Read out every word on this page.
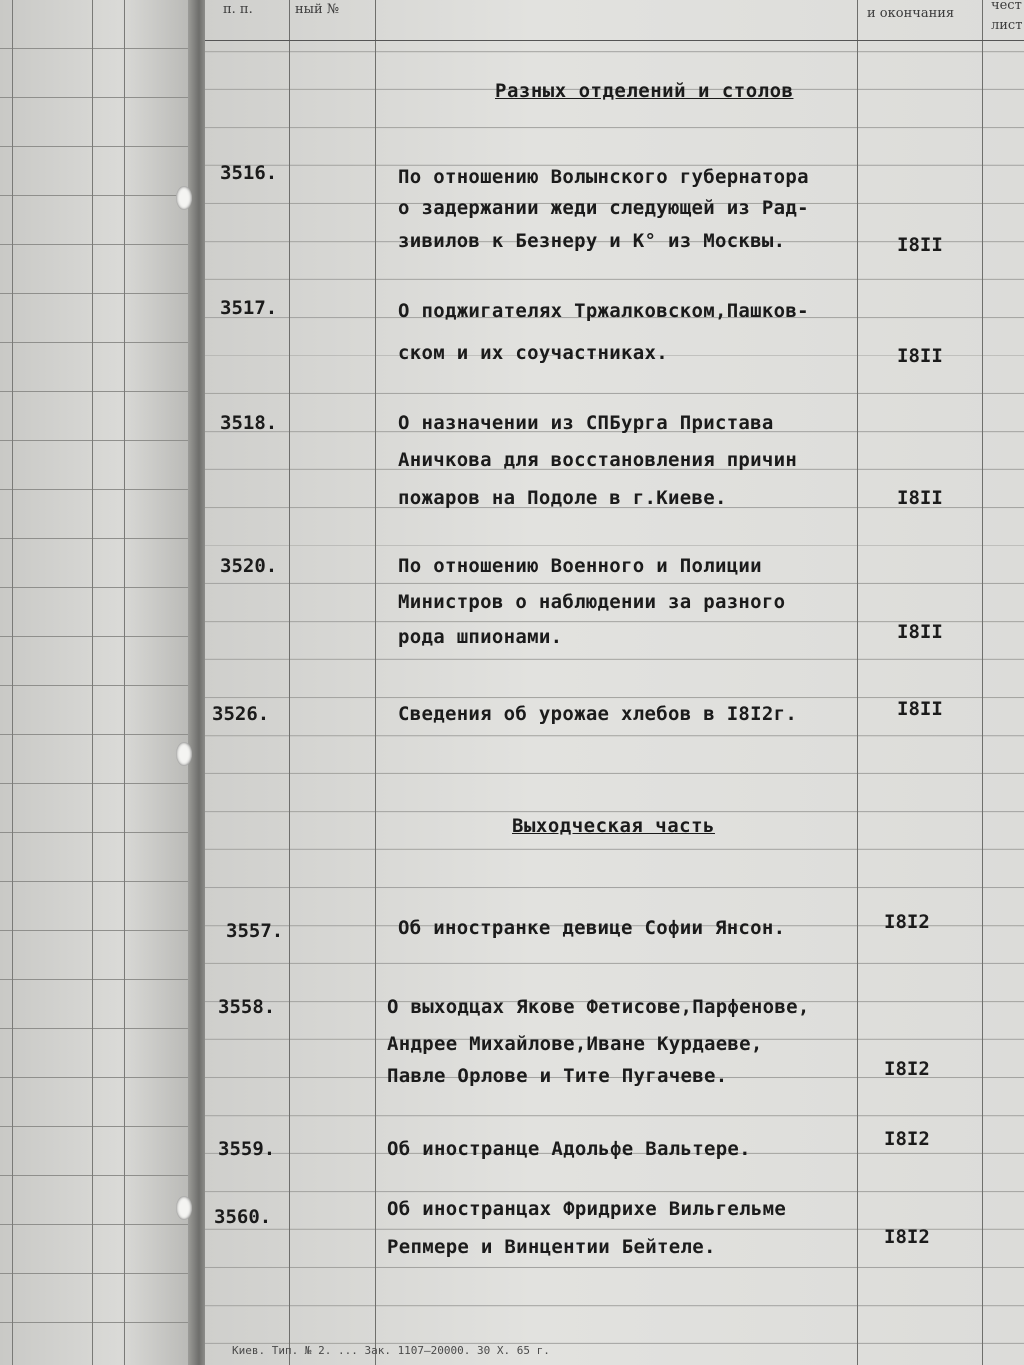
п. п.	ный №	и окончания
чест
лист
Разных отделений и столов
Выходческая часть
3516.	По отношению Волынского губернатора
о задержании жеди следующей из Рад-
зивилов к Безнеру и К° из Москвы.	I8II
3517.	О поджигателях Тржалковском,Пашков-
ском и их соучастниках.	I8II
3518.	О назначении из СПБурга Пристава
Аничкова для восстановления причин
пожаров на Подоле в г.Киеве.	I8II
3520.	По отношению Военного и Полиции
Министров о наблюдении за разного
рода шпионами.	I8II
3526.	Сведения об урожае хлебов в I8I2г.	I8II
3557.	Об иностранке девице Софии Янсон.	I8I2
3558.	О выходцах Якове Фетисове,Парфенове,
Андрее Михайлове,Иване Курдаеве,
Павле Орлове и Тите Пугачеве.	I8I2
3559.	Об иностранце Адольфе Вальтере.	I8I2
3560.	Об иностранцах Фридрихе Вильгельме
Репмере и Винцентии Бейтеле.	I8I2
Киев. Тип. № 2. ... Зак. 1107—20000. 30 X. 65 г.
